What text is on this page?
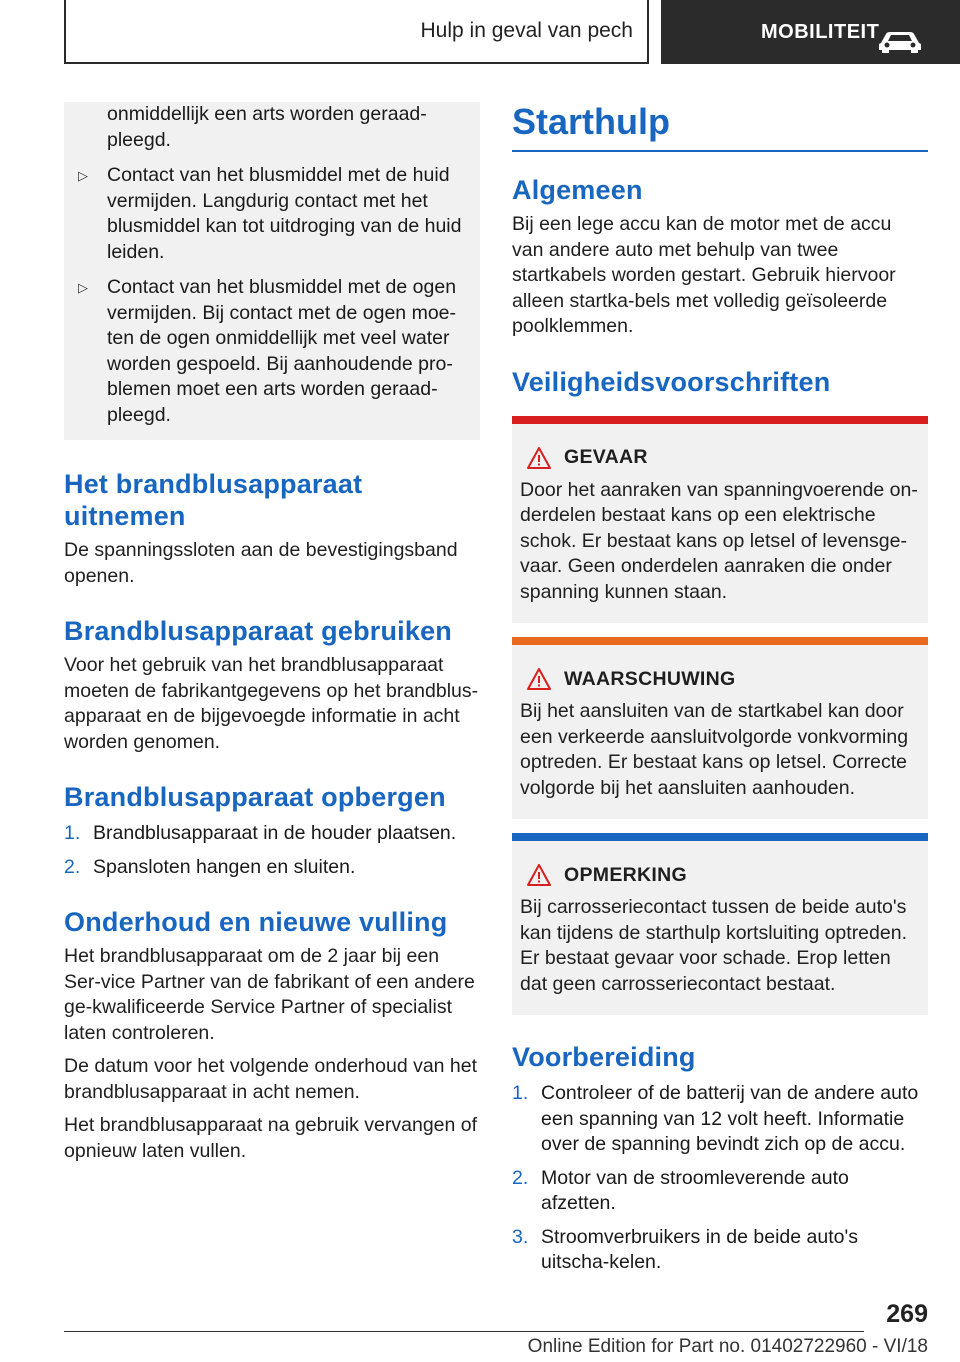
Hulp in geval van pech	MOBILITEIT
onmiddellijk een arts worden geraad-pleegd.
▷ Contact van het blusmiddel met de huid vermijden. Langdurig contact met het blusmiddel kan tot uitdroging van de huid leiden.
▷ Contact van het blusmiddel met de ogen vermijden. Bij contact met de ogen moe-ten de ogen onmiddellijk met veel water worden gespoeld. Bij aanhoudende pro-blemen moet een arts worden geraad-pleegd.
Het brandblusapparaat uitnemen

De spanningssloten aan de bevestigingsband openen.

Brandblusapparaat gebruiken

Voor het gebruik van het brandblusapparaat moeten de fabrikantgegevens op het brandblus-apparaat en de bijgevoegde informatie in acht worden genomen.

Brandblusapparaat opbergen
1. Brandblusapparaat in de houder plaatsen.
2. Spansloten hangen en sluiten.
Onderhoud en nieuwe vulling

Het brandblusapparaat om de 2 jaar bij een Ser-vice Partner van de fabrikant of een andere ge-kwalificeerde Service Partner of specialist laten controleren.

De datum voor het volgende onderhoud van het brandblusapparaat in acht nemen.

Het brandblusapparaat na gebruik vervangen of opnieuw laten vullen.

Starthulp
Algemeen

Bij een lege accu kan de motor met de accu van andere auto met behulp van twee startkabels worden gestart. Gebruik hiervoor alleen startka-bels met volledig geïsoleerde poolklemmen.

Veiligheidsvoorschriften
GEVAAR
Door het aanraken van spanningvoerende on-derdelen bestaat kans op een elektrische schok. Er bestaat kans op letsel of levensge-vaar. Geen onderdelen aanraken die onder spanning kunnen staan.
WAARSCHUWING
Bij het aansluiten van de startkabel kan door een verkeerde aansluitvolgorde vonkvorming optreden. Er bestaat kans op letsel. Correcte volgorde bij het aansluiten aanhouden.
OPMERKING
Bij carrosseriecontact tussen de beide auto's kan tijdens de starthulp kortsluiting optreden. Er bestaat gevaar voor schade. Erop letten dat geen carrosseriecontact bestaat.
Voorbereiding
1. Controleer of de batterij van de andere auto een spanning van 12 volt heeft. Informatie over de spanning bevindt zich op de accu.
2. Motor van de stroomleverende auto afzetten.
3. Stroomverbruikers in de beide auto's uitscha-kelen.
269
Online Edition for Part no. 01402722960 - VI/18
